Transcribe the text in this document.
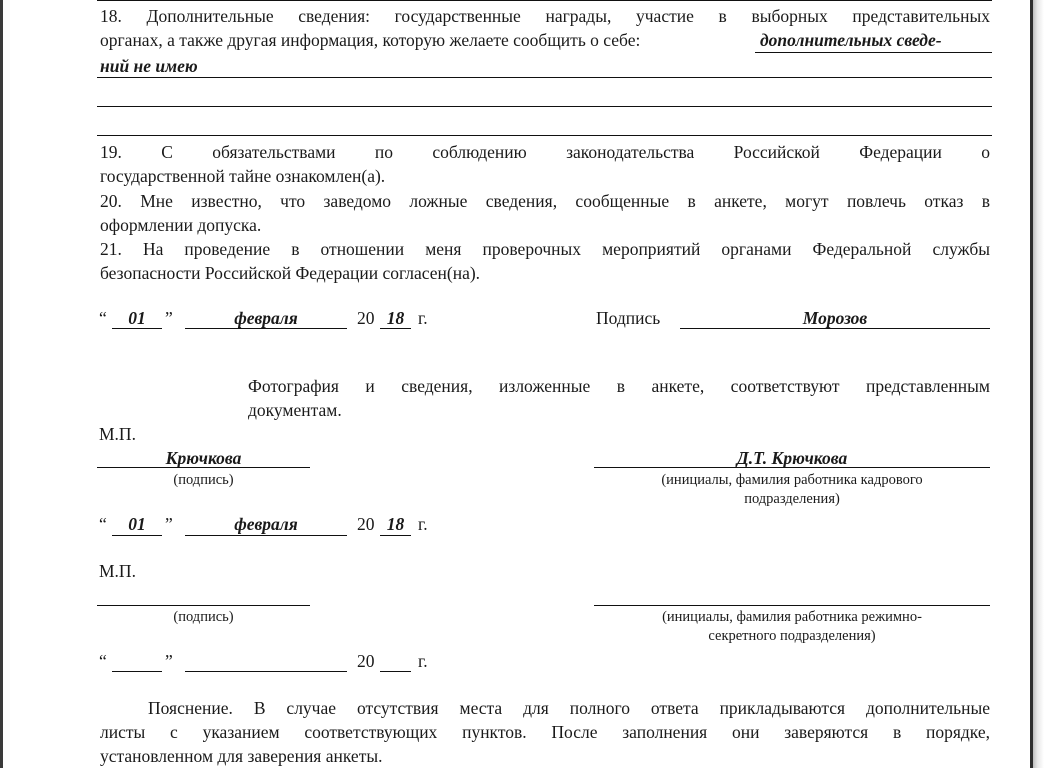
18. Дополнительные сведения: государственные награды, участие в выборных представительных
органах, а также другая информация, которую желаете сообщить о себе:	дополнительных сведе-
ний не имею
19. С обязательствами по соблюдению законодательства Российской Федерации о
государственной тайне ознакомлен(а).
20. Мне известно, что заведомо ложные сведения, сообщенные в анкете, могут повлечь отказ в
оформлении допуска.
21. На проведение в отношении меня проверочных мероприятий органами Федеральной службы
безопасности Российской Федерации согласен(на).
“	01	”	февраля	20 18 г.	Подпись	Морозов
Фотография и сведения, изложенные в анкете, соответствуют представленным
документам.
М.П.
Крючкова
(подпись)
Д.Т. Крючкова
(инициалы, фамилия работника кадрового
подразделения)
“	01	”	февраля	20 18 г.
М.П.
(подпись)	(инициалы, фамилия работника режимно-
секретного подразделения)
“	”	20 г.
Пояснение. В случае отсутствия места для полного ответа прикладываются дополнительные
листы с указанием соответствующих пунктов. После заполнения они заверяются в порядке,
установленном для заверения анкеты.
